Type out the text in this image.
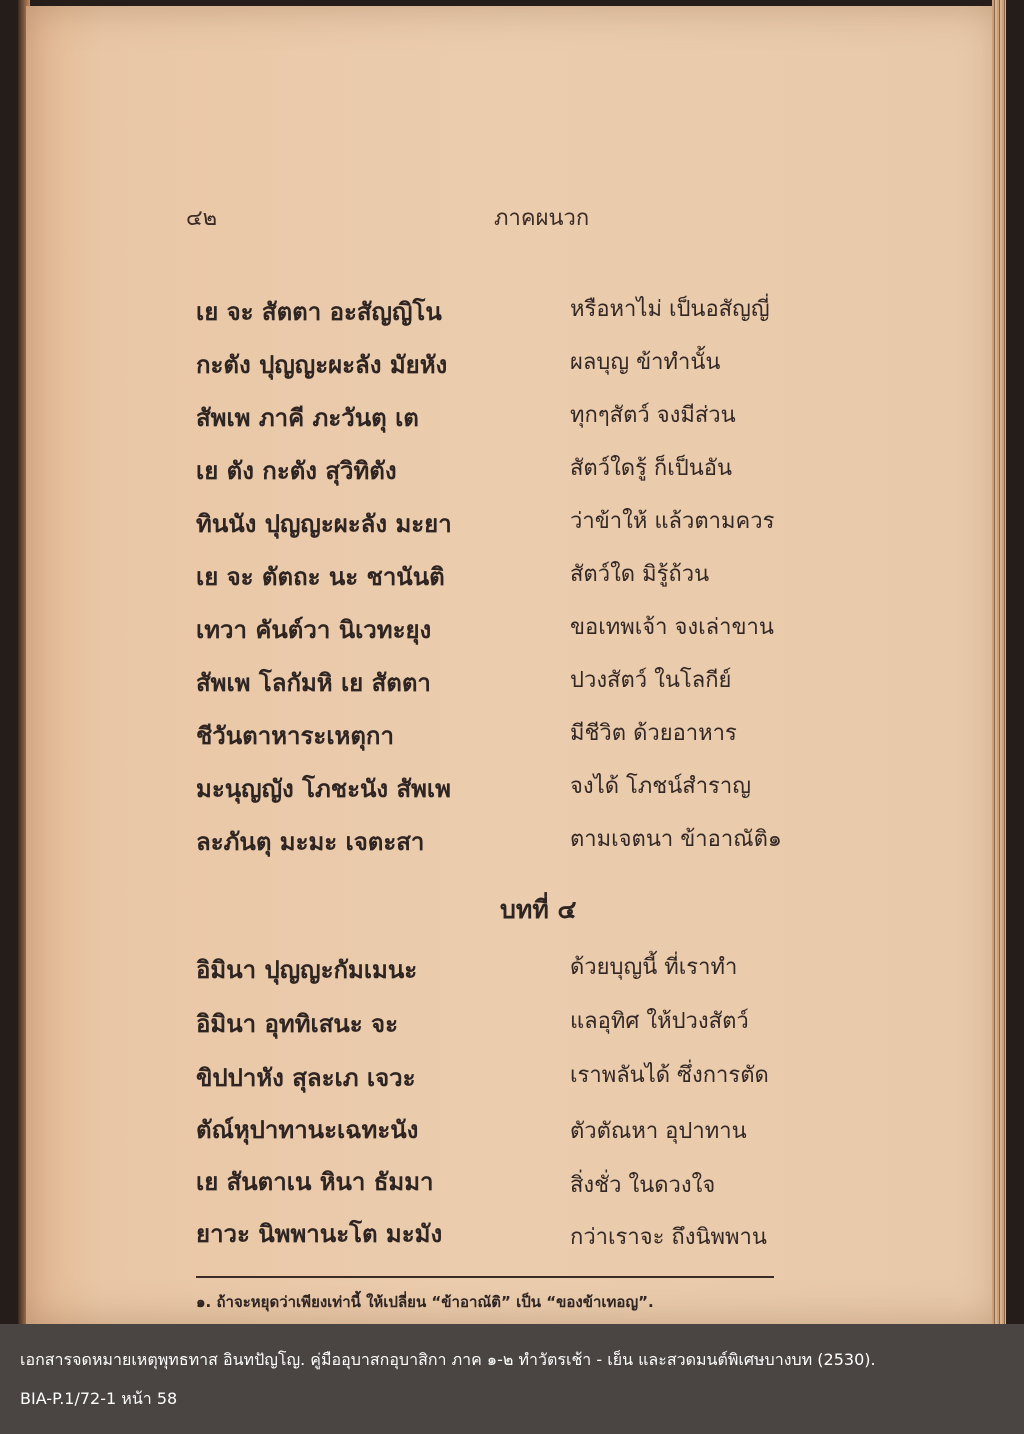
๔๒	ภาคผนวก
เย จะ สัตตา อะสัญญิโน	หรือหาไม่ เป็นอสัญญี่
กะตัง ปุญญะผะลัง มัยหัง	ผลบุญ ข้าทำนั้น
สัพเพ ภาคี ภะวันตุ เต	ทุกๆสัตว์ จงมีส่วน
เย ตัง กะตัง สุวิทิตัง	สัตว์ใดรู้ ก็เป็นอัน
ทินนัง ปุญญะผะลัง มะยา	ว่าข้าให้ แล้วตามควร
เย จะ ตัตถะ นะ ชานันติ	สัตว์ใด มิรู้ถ้วน
เทวา คันต์วา นิเวทะยุง	ขอเทพเจ้า จงเล่าขาน
สัพเพ โลกัมหิ เย สัตตา	ปวงสัตว์ ในโลกีย์
ชีวันตาหาระเหตุกา	มีชีวิต ด้วยอาหาร
มะนุญญัง โภชะนัง สัพเพ	จงได้ โภชน์สำราญ
ละภันตุ มะมะ เจตะสา	ตามเจตนา ข้าอาณัติ๑
บทที่ ๔
อิมินา ปุญญะกัมเมนะ	ด้วยบุญนี้ ที่เราทำ
อิมินา อุททิเสนะ จะ	แลอุทิศ ให้ปวงสัตว์
ขิปปาหัง สุละเภ เจวะ	เราพลันได้ ซึ่งการตัด
ตัณ์หุปาทานะเฉทะนัง	ตัวตัณหา อุปาทาน
เย สันตาเน หินา ธัมมา	สิ่งชั่ว ในดวงใจ
ยาวะ นิพพานะโต มะมัง	กว่าเราจะ ถึงนิพพาน
๑. ถ้าจะหยุดว่าเพียงเท่านี้ ให้เปลี่ยน “ข้าอาณัติ” เป็น “ของข้าเทอญ”.
เอกสารจดหมายเหตุพุทธทาส อินทปัญโญ. คู่มืออุบาสกอุบาสิกา ภาค ๑-๒ ทำวัตรเช้า - เย็น และสวดมนต์พิเศษบางบท (2530).
BIA-P.1/72-1 หน้า 58
